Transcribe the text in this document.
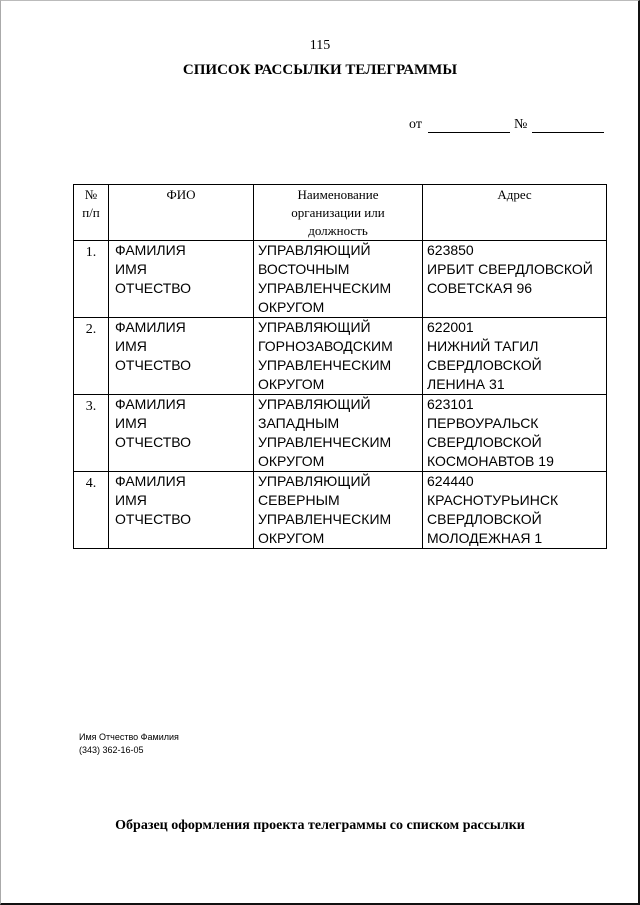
115
СПИСОК РАССЫЛКИ ТЕЛЕГРАММЫ
от	№
№
п/п	ФИО	Наименование
организации или
должность	Адрес

1.	ФАМИЛИЯ
ИМЯ
ОТЧЕСТВО	УПРАВЛЯЮЩИЙ
ВОСТОЧНЫМ
УПРАВЛЕНЧЕСКИМ
ОКРУГОМ	623850
ИРБИТ СВЕРДЛОВСКОЙ
СОВЕТСКАЯ 96

2.	ФАМИЛИЯ
ИМЯ
ОТЧЕСТВО	УПРАВЛЯЮЩИЙ
ГОРНОЗАВОДСКИМ
УПРАВЛЕНЧЕСКИМ
ОКРУГОМ	622001
НИЖНИЙ ТАГИЛ
СВЕРДЛОВСКОЙ
ЛЕНИНА 31

3.	ФАМИЛИЯ
ИМЯ
ОТЧЕСТВО	УПРАВЛЯЮЩИЙ
ЗАПАДНЫМ
УПРАВЛЕНЧЕСКИМ
ОКРУГОМ	623101
ПЕРВОУРАЛЬСК
СВЕРДЛОВСКОЙ
КОСМОНАВТОВ 19

4.	ФАМИЛИЯ
ИМЯ
ОТЧЕСТВО	УПРАВЛЯЮЩИЙ
СЕВЕРНЫМ
УПРАВЛЕНЧЕСКИМ
ОКРУГОМ	624440
КРАСНОТУРЬИНСК
СВЕРДЛОВСКОЙ
МОЛОДЕЖНАЯ 1
Имя Отчество Фамилия
(343) 362-16-05
Образец оформления проекта телеграммы со списком рассылки
